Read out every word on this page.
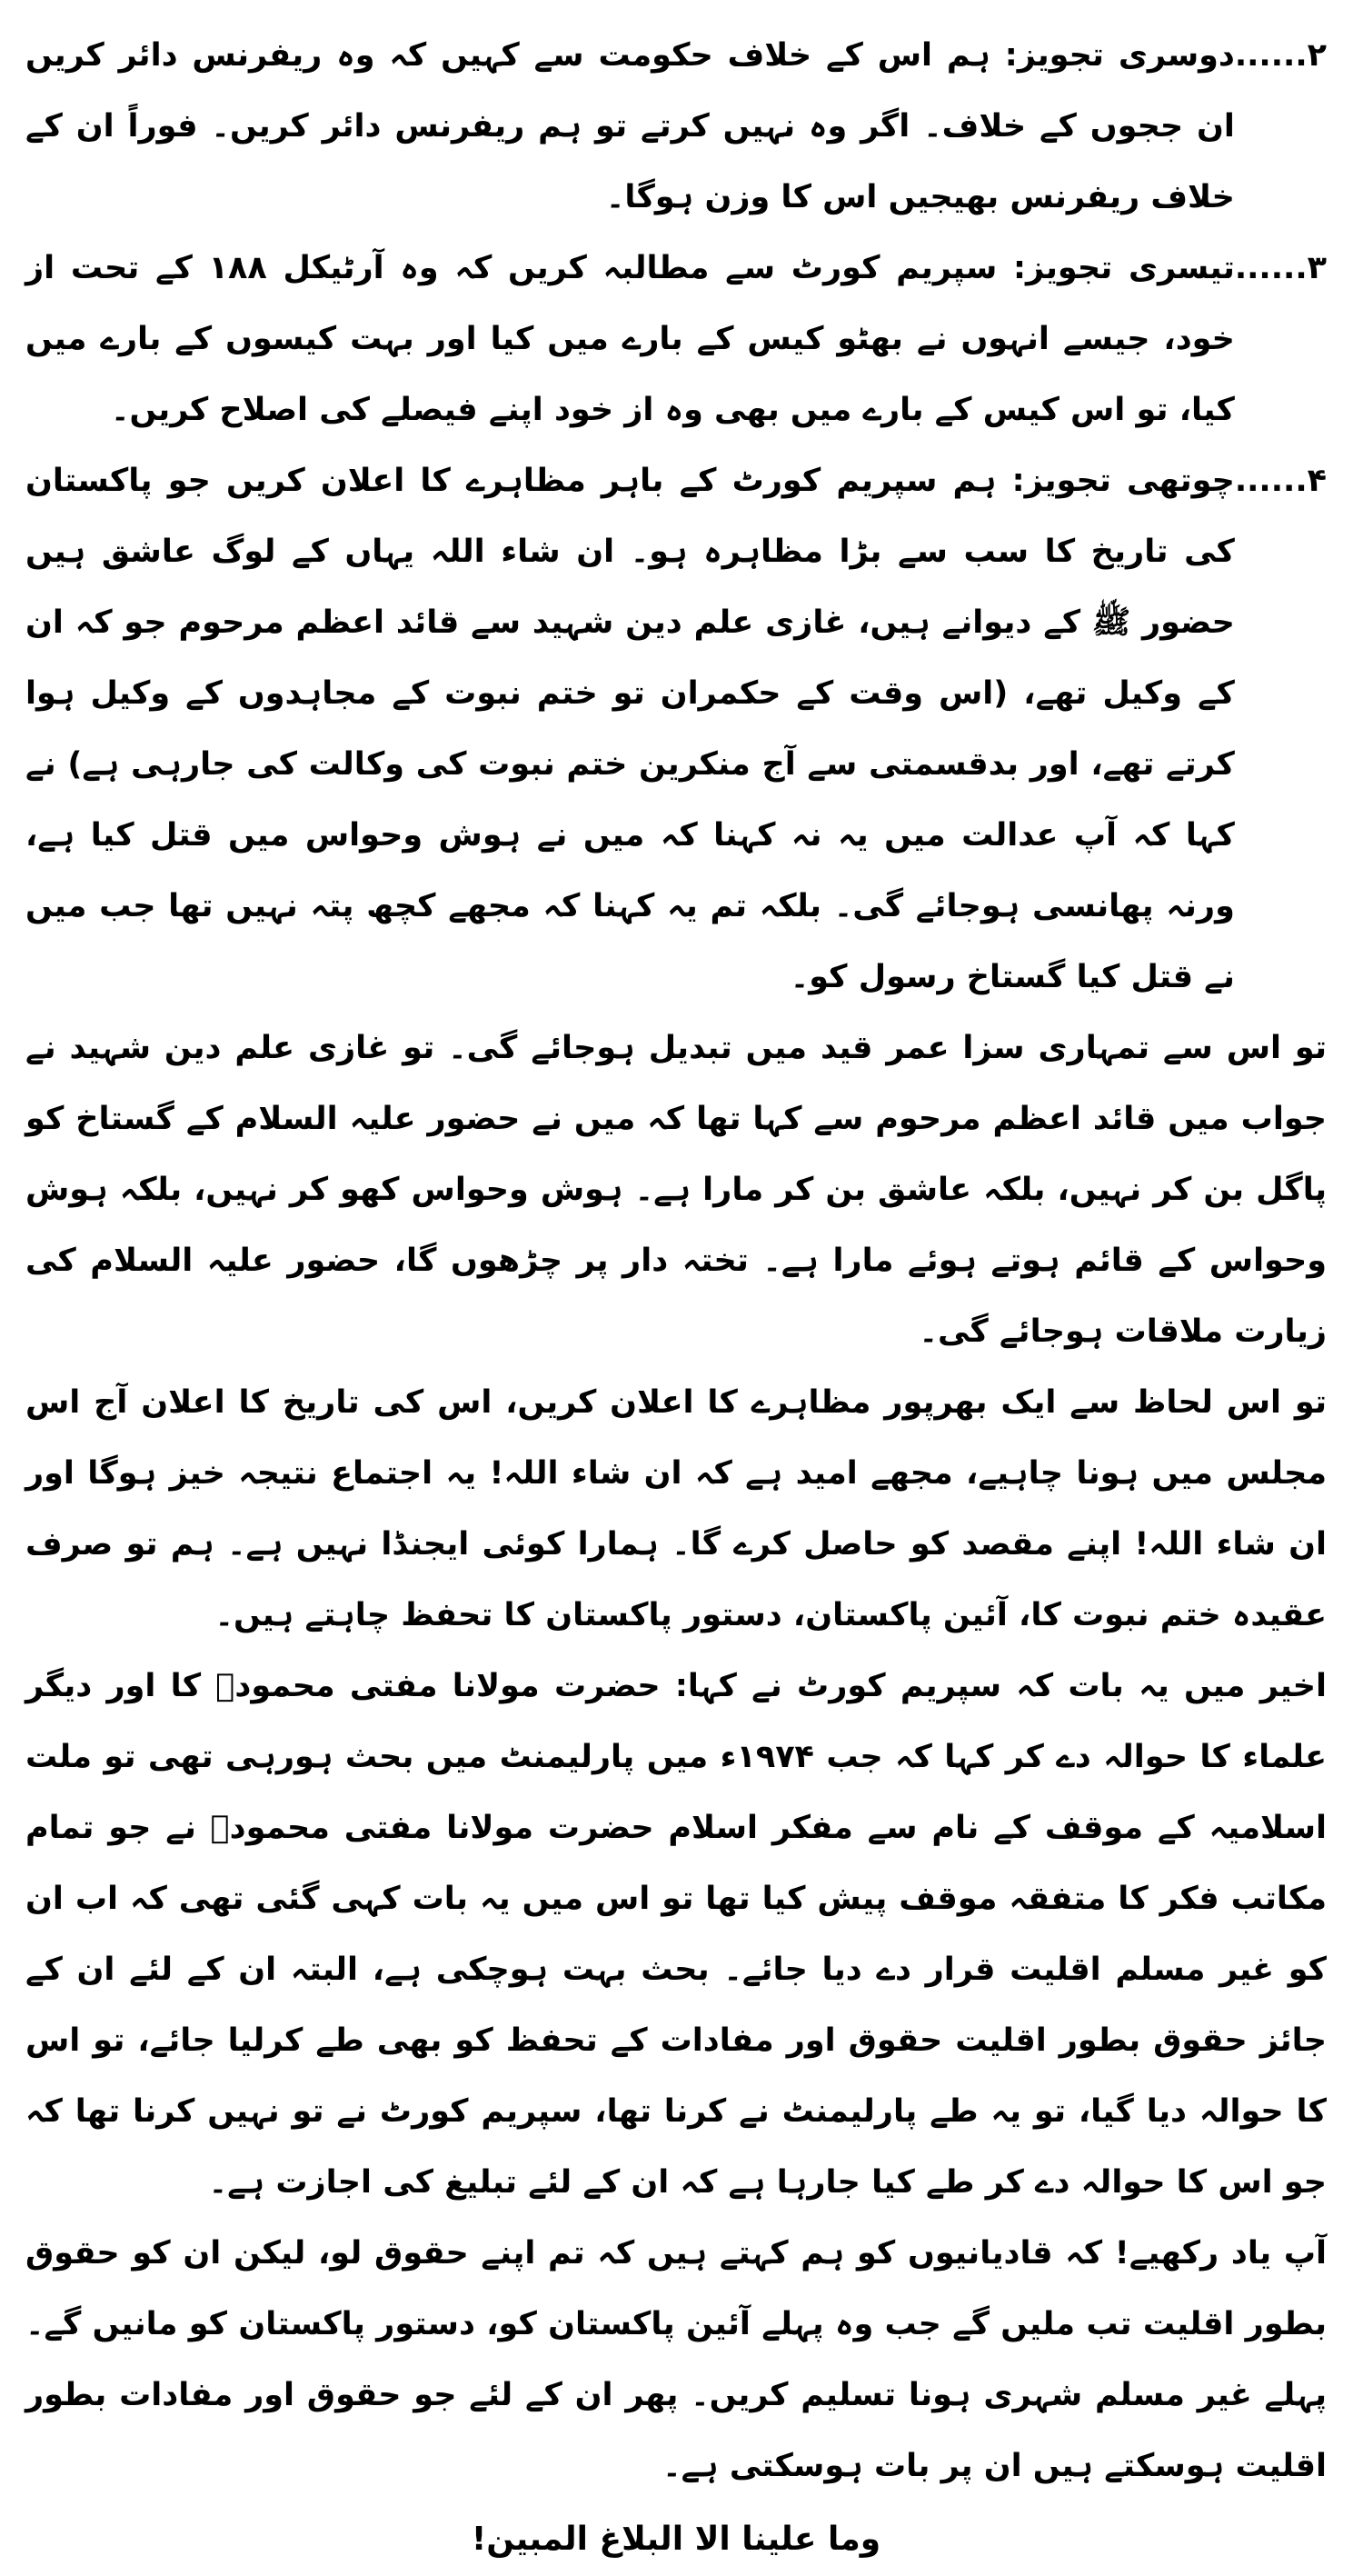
۲......
دوسری تجویز: ہم اس کے خلاف حکومت سے کہیں کہ وہ ریفرنس دائر کریں ان ججوں کے خلاف۔ اگر وہ نہیں کرتے تو ہم ریفرنس دائر کریں۔ فوراً ان کے خلاف ریفرنس بھیجیں اس کا وزن ہوگا۔
۳......
تیسری تجویز: سپریم کورٹ سے مطالبہ کریں کہ وہ آرٹیکل ۱۸۸ کے تحت از خود، جیسے انہوں نے بھٹو کیس کے بارے میں کیا اور بہت کیسوں کے بارے میں کیا، تو اس کیس کے بارے میں بھی وہ از خود اپنے فیصلے کی اصلاح کریں۔
۴......
چوتھی تجویز: ہم سپریم کورٹ کے باہر مظاہرے کا اعلان کریں جو پاکستان کی تاریخ کا سب سے بڑا مظاہرہ ہو۔ ان شاء اللہ یہاں کے لوگ عاشق ہیں حضور ﷺ کے دیوانے ہیں، غازی علم دین شہید سے قائد اعظم مرحوم جو کہ ان کے وکیل تھے، (اس وقت کے حکمران تو ختم نبوت کے مجاہدوں کے وکیل ہوا کرتے تھے، اور بدقسمتی سے آج منکرین ختم نبوت کی وکالت کی جارہی ہے) نے کہا کہ آپ عدالت میں یہ نہ کہنا کہ میں نے ہوش وحواس میں قتل کیا ہے، ورنہ پھانسی ہوجائے گی۔ بلکہ تم یہ کہنا کہ مجھے کچھ پتہ نہیں تھا جب میں نے قتل کیا گستاخ رسول کو۔

تو اس سے تمہاری سزا عمر قید میں تبدیل ہوجائے گی۔ تو غازی علم دین شہید نے جواب میں قائد اعظم مرحوم سے کہا تھا کہ میں نے حضور علیہ السلام کے گستاخ کو پاگل بن کر نہیں، بلکہ عاشق بن کر مارا ہے۔ ہوش وحواس کھو کر نہیں، بلکہ ہوش وحواس کے قائم ہوتے ہوئے مارا ہے۔ تختہ دار پر چڑھوں گا، حضور علیہ السلام کی زیارت ملاقات ہوجائے گی۔

تو اس لحاظ سے ایک بھرپور مظاہرے کا اعلان کریں، اس کی تاریخ کا اعلان آج اس مجلس میں ہونا چاہیے، مجھے امید ہے کہ ان شاء اللہ! یہ اجتماع نتیجہ خیز ہوگا اور ان شاء اللہ! اپنے مقصد کو حاصل کرے گا۔ ہمارا کوئی ایجنڈا نہیں ہے۔ ہم تو صرف عقیدہ ختم نبوت کا، آئین پاکستان، دستور پاکستان کا تحفظ چاہتے ہیں۔

اخیر میں یہ بات کہ سپریم کورٹ نے کہا: حضرت مولانا مفتی محمودؒ کا اور دیگر علماء کا حوالہ دے کر کہا کہ جب ۱۹۷۴ء میں پارلیمنٹ میں بحث ہورہی تھی تو ملت اسلامیہ کے موقف کے نام سے مفکر اسلام حضرت مولانا مفتی محمودؒ نے جو تمام مکاتب فکر کا متفقہ موقف پیش کیا تھا تو اس میں یہ بات کہی گئی تھی کہ اب ان کو غیر مسلم اقلیت قرار دے دیا جائے۔ بحث بہت ہوچکی ہے، البتہ ان کے لئے ان کے جائز حقوق بطور اقلیت حقوق اور مفادات کے تحفظ کو بھی طے کرلیا جائے، تو اس کا حوالہ دیا گیا، تو یہ طے پارلیمنٹ نے کرنا تھا، سپریم کورٹ نے تو نہیں کرنا تھا کہ جو اس کا حوالہ دے کر طے کیا جارہا ہے کہ ان کے لئے تبلیغ کی اجازت ہے۔

آپ یاد رکھیے! کہ قادیانیوں کو ہم کہتے ہیں کہ تم اپنے حقوق لو، لیکن ان کو حقوق بطور اقلیت تب ملیں گے جب وہ پہلے آئین پاکستان کو، دستور پاکستان کو مانیں گے۔ پہلے غیر مسلم شہری ہونا تسلیم کریں۔ پھر ان کے لئے جو حقوق اور مفادات بطور اقلیت ہوسکتے ہیں ان پر بات ہوسکتی ہے۔

وما علینا الا البلاغ المبین!
